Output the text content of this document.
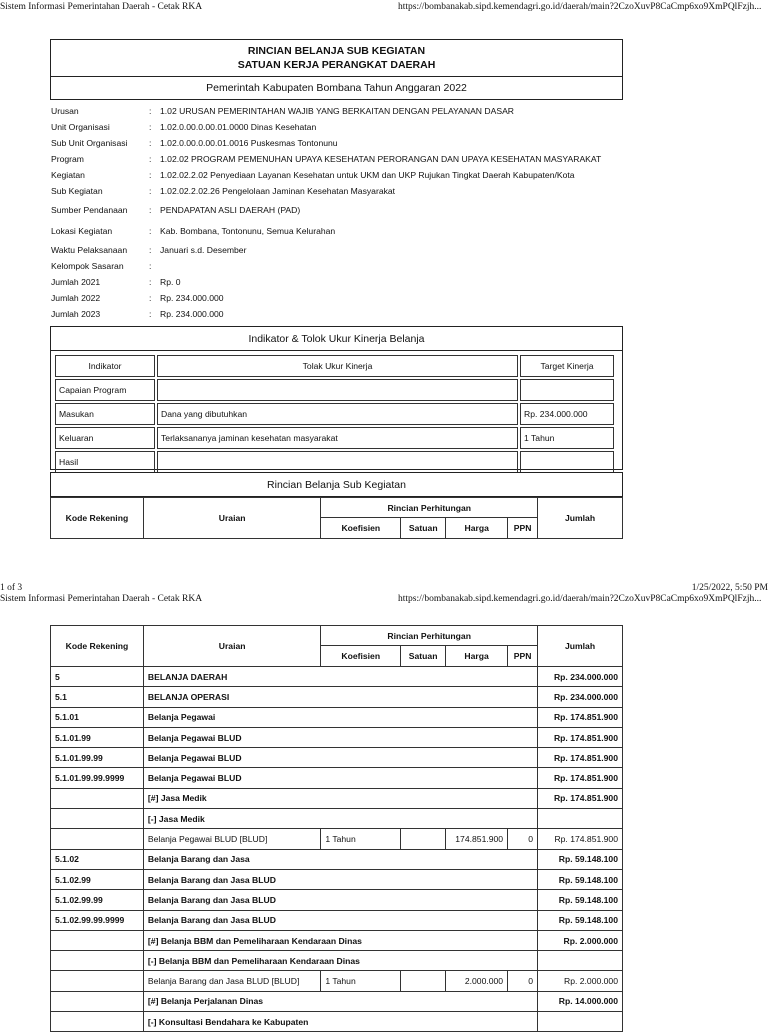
Sistem Informasi Pemerintahan Daerah - Cetak RKA	https://bombanakab.sipd.kemendagri.go.id/daerah/main?2CzoXuvP8CaCmp6xo9XmPQlFzjh...
RINCIAN BELANJA SUB KEGIATAN
SATUAN KERJA PERANGKAT DAERAH
Pemerintah Kabupaten Bombana Tahun Anggaran 2022
Urusan	: 1.02 URUSAN PEMERINTAHAN WAJIB YANG BERKAITAN DENGAN PELAYANAN DASAR
Unit Organisasi	: 1.02.0.00.0.00.01.0000 Dinas Kesehatan
Sub Unit Organisasi	: 1.02.0.00.0.00.01.0016 Puskesmas Tontonunu
Program	: 1.02.02 PROGRAM PEMENUHAN UPAYA KESEHATAN PERORANGAN DAN UPAYA KESEHATAN MASYARAKAT
Kegiatan	: 1.02.02.2.02 Penyediaan Layanan Kesehatan untuk UKM dan UKP Rujukan Tingkat Daerah Kabupaten/Kota
Sub Kegiatan	: 1.02.02.2.02.26 Pengelolaan Jaminan Kesehatan Masyarakat
Sumber Pendanaan	: PENDAPATAN ASLI DAERAH (PAD)
Lokasi Kegiatan	: Kab. Bombana, Tontonunu, Semua Kelurahan
Waktu Pelaksanaan	: Januari s.d. Desember
Kelompok Sasaran	:
Jumlah 2021	: Rp. 0
Jumlah 2022	: Rp. 234.000.000
Jumlah 2023	: Rp. 234.000.000
Indikator & Tolok Ukur Kinerja Belanja
Indikator	Tolak Ukur Kinerja	Target Kinerja
Capaian Program		
Masukan	Dana yang dibutuhkan	Rp. 234.000.000
Keluaran	Terlaksananya jaminan kesehatan masyarakat	1 Tahun
Hasil		
Rincian Belanja Sub Kegiatan
Kode Rekening	Uraian	Rincian Perhitungan				Jumlah
		Koefisien	Satuan	Harga	PPN	
1 of 3	1/25/2022, 5:50 PM
Sistem Informasi Pemerintahan Daerah - Cetak RKA	https://bombanakab.sipd.kemendagri.go.id/daerah/main?2CzoXuvP8CaCmp6xo9XmPQlFzjh...
Kode Rekening	Uraian	Rincian Perhitungan				Jumlah
		Koefisien	Satuan	Harga	PPN	
5	BELANJA DAERAH					Rp. 234.000.000
5.1	BELANJA OPERASI					Rp. 234.000.000
5.1.01	Belanja Pegawai					Rp. 174.851.900
5.1.01.99	Belanja Pegawai BLUD					Rp. 174.851.900
5.1.01.99.99	Belanja Pegawai BLUD					Rp. 174.851.900
5.1.01.99.99.9999	Belanja Pegawai BLUD					Rp. 174.851.900
	[#] Jasa Medik					Rp. 174.851.900
	[-] Jasa Medik					
	Belanja Pegawai BLUD [BLUD]	1 Tahun		174.851.900	0	Rp. 174.851.900
5.1.02	Belanja Barang dan Jasa					Rp. 59.148.100
5.1.02.99	Belanja Barang dan Jasa BLUD					Rp. 59.148.100
5.1.02.99.99	Belanja Barang dan Jasa BLUD					Rp. 59.148.100
5.1.02.99.99.9999	Belanja Barang dan Jasa BLUD					Rp. 59.148.100
	[#] Belanja BBM dan Pemeliharaan Kendaraan Dinas					Rp. 2.000.000
	[-] Belanja BBM dan Pemeliharaan Kendaraan Dinas					
	Belanja Barang dan Jasa BLUD [BLUD]	1 Tahun		2.000.000	0	Rp. 2.000.000
	[#] Belanja Perjalanan Dinas					Rp. 14.000.000
	[-] Konsultasi Bendahara ke Kabupaten					
